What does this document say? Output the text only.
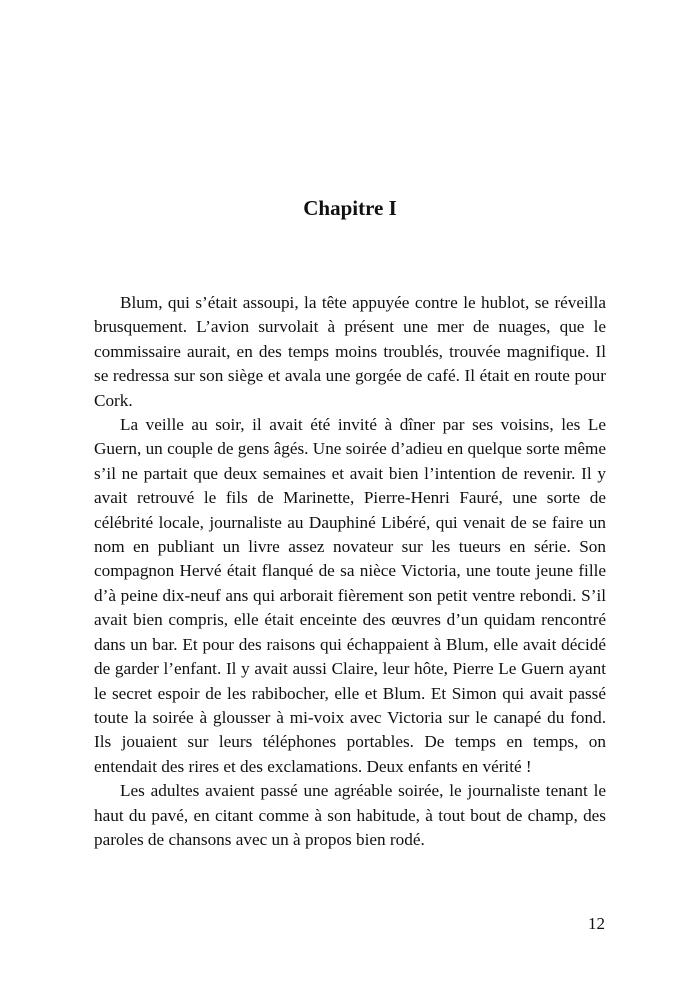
Chapitre I

Blum, qui s’était assoupi, la tête appuyée contre le hublot, se réveilla brusquement. L’avion survolait à présent une mer de nuages, que le commissaire aurait, en des temps moins troublés, trouvée magnifique. Il se redressa sur son siège et avala une gorgée de café. Il était en route pour Cork.

La veille au soir, il avait été invité à dîner par ses voisins, les Le Guern, un couple de gens âgés. Une soirée d’adieu en quelque sorte même s’il ne partait que deux semaines et avait bien l’intention de revenir. Il y avait retrouvé le fils de Marinette, Pierre-Henri Fauré, une sorte de célébrité locale, journaliste au Dauphiné Libéré, qui venait de se faire un nom en publiant un livre assez novateur sur les tueurs en série. Son compagnon Hervé était flanqué de sa nièce Victoria, une toute jeune fille d’à peine dix-neuf ans qui arborait fièrement son petit ventre rebondi. S’il avait bien compris, elle était enceinte des œuvres d’un quidam rencontré dans un bar. Et pour des raisons qui échappaient à Blum, elle avait décidé de garder l’enfant. Il y avait aussi Claire, leur hôte, Pierre Le Guern ayant le secret espoir de les rabibocher, elle et Blum. Et Simon qui avait passé toute la soirée à glousser à mi-voix avec Victoria sur le canapé du fond. Ils jouaient sur leurs téléphones portables. De temps en temps, on entendait des rires et des exclamations. Deux enfants en vérité !

Les adultes avaient passé une agréable soirée, le journaliste tenant le haut du pavé, en citant comme à son habitude, à tout bout de champ, des paroles de chansons avec un à propos bien rodé.

12
